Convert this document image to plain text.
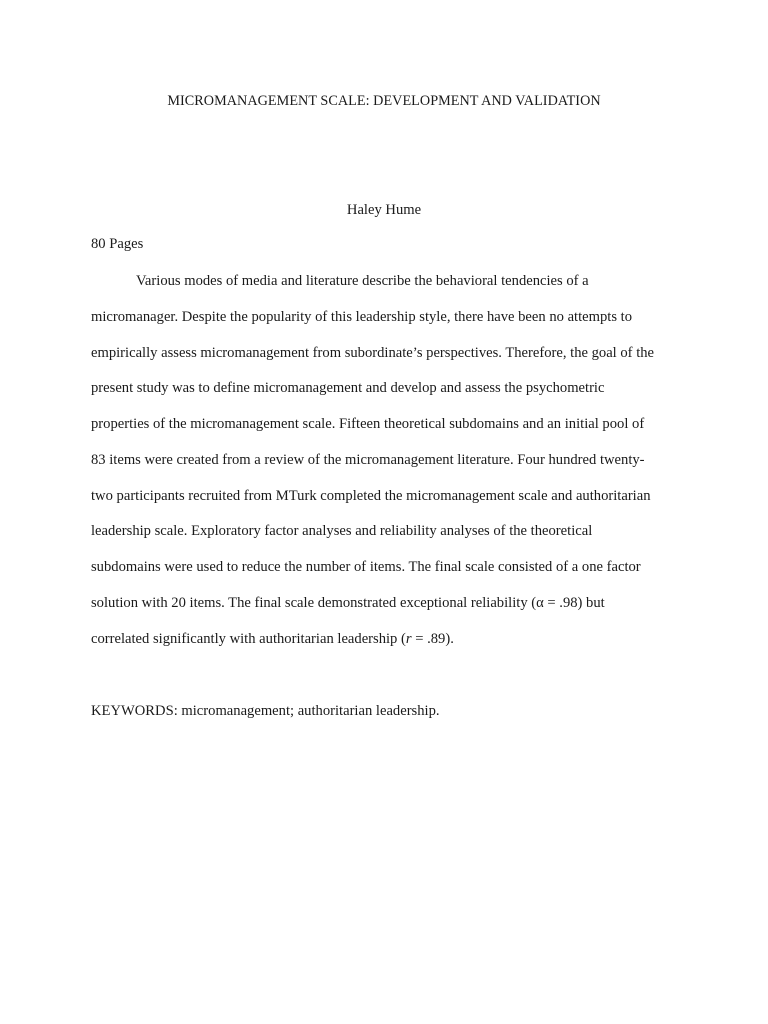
MICROMANAGEMENT SCALE: DEVELOPMENT AND VALIDATION
Haley Hume
80 Pages
Various modes of media and literature describe the behavioral tendencies of a
micromanager. Despite the popularity of this leadership style, there have been no attempts to
empirically assess micromanagement from subordinate’s perspectives. Therefore, the goal of the
present study was to define micromanagement and develop and assess the psychometric
properties of the micromanagement scale. Fifteen theoretical subdomains and an initial pool of
83 items were created from a review of the micromanagement literature. Four hundred twenty-
two participants recruited from MTurk completed the micromanagement scale and authoritarian
leadership scale. Exploratory factor analyses and reliability analyses of the theoretical
subdomains were used to reduce the number of items. The final scale consisted of a one factor
solution with 20 items. The final scale demonstrated exceptional reliability (α = .98) but
correlated significantly with authoritarian leadership (r = .89).
KEYWORDS: micromanagement; authoritarian leadership.
